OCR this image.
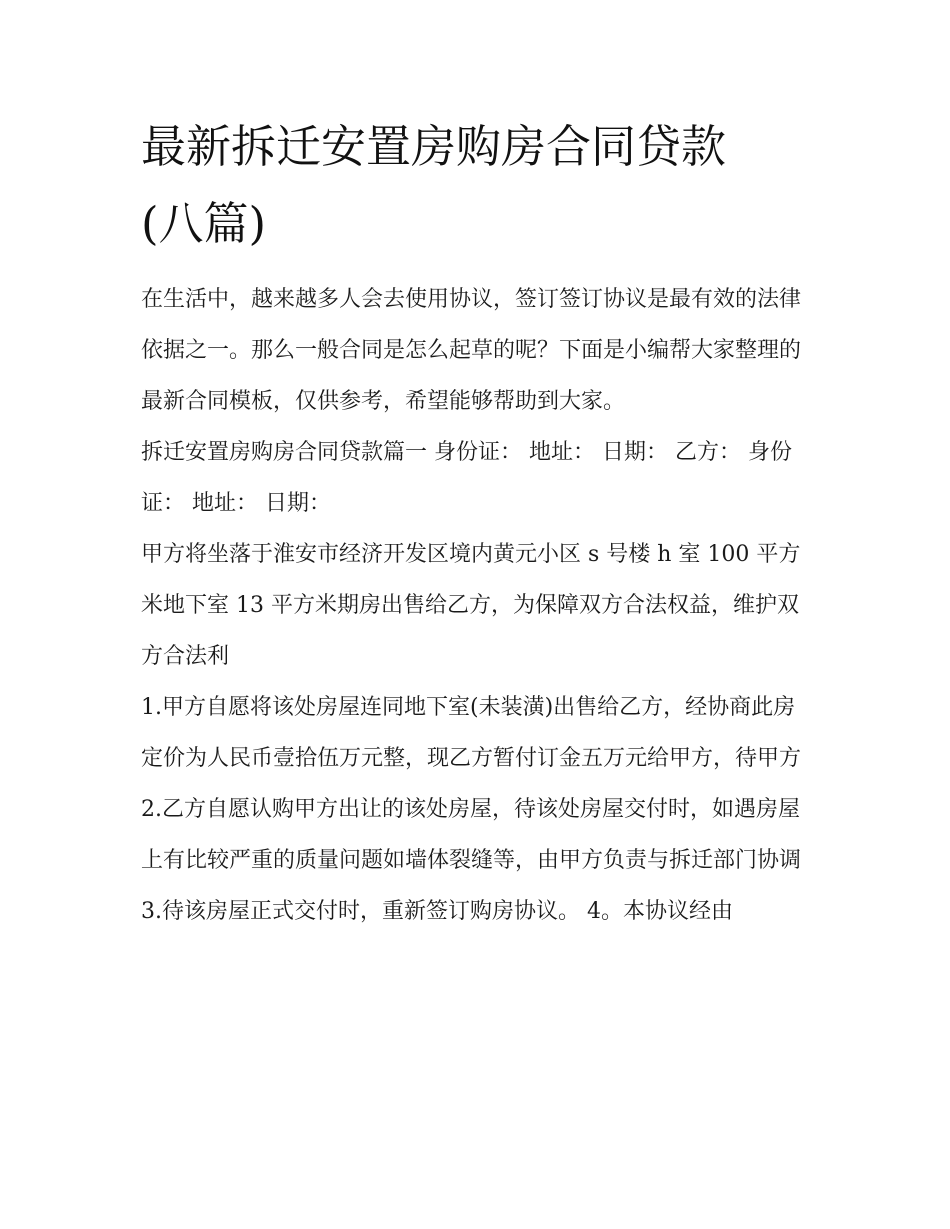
最新拆迁安置房购房合同贷款
(八篇)

在生活中，越来越多人会去使用协议，签订签订协议是最有效的法律依据之一。那么一般合同是怎么起草的呢？下面是小编帮大家整理的最新合同模板，仅供参考，希望能够帮助到大家。

拆迁安置房购房合同贷款篇一 身份证： 地址： 日期： 乙方： 身份证： 地址： 日期：

甲方将坐落于淮安市经济开发区境内黄元小区 s 号楼 h 室 100 平方米地下室 13 平方米期房出售给乙方，为保障双方合法权益，维护双方合法利

1.甲方自愿将该处房屋连同地下室(未装潢)出售给乙方，经协商此房定价为人民币壹拾伍万元整，现乙方暂付订金五万元给甲方，待甲方

2.乙方自愿认购甲方出让的该处房屋，待该处房屋交付时，如遇房屋上有比较严重的质量问题如墙体裂缝等，由甲方负责与拆迁部门协调

3.待该房屋正式交付时，重新签订购房协议。 4。本协议经由
